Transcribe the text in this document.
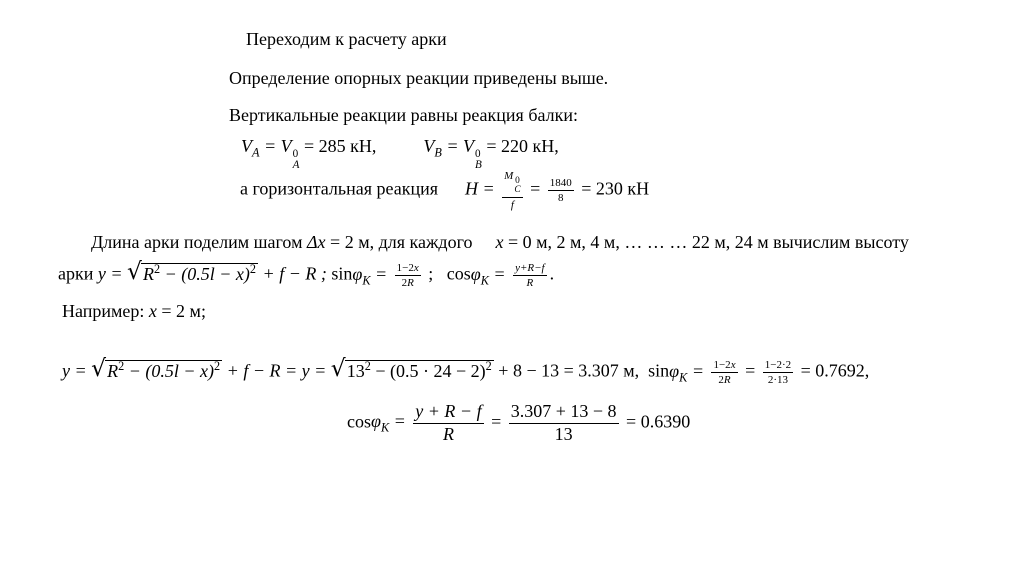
Переходим к расчету арки
Определение опорных реакции приведены выше.
Вертикальные реакции равны реакция балки:
$V_A = V$ 0
A
= 285 кН,	$V_B = V$ 0
B
= 220 кН,
а горизонтальная реакция H = M 0
C
$f = \frac{1840}{8} = 230$ кН
Длина арки поделим шагом Δx = 2 м, для каждого x = 0 м, 2 м, 4 м, … … … 22 м, 24 м вычислим высоту
арки y = √ $R^2 - (0.5l - x)^2 + f - R$ ; $\sin\varphi_K = \frac{1-2x}{2R}$ ;   $\cos\varphi_K = \frac{y+R-f}{R}$ .
Например: x = 2 м;
y = √ $R^2 - (0.5l - x)^2 + f - R = y$ = √ $13^2 - (0.5 \cdot 24 - 2)^2 + 8 - 13 = 3.307$ м,  $\sin\varphi_K = \frac{1-2x}{2R} = \frac{1-2\cdot 2}{2\cdot 13} = 0.7692$,
$\cos\varphi_K = \frac{y + R - f}{R} = \frac{3.307 + 13 - 8}{13} = 0.6390$
